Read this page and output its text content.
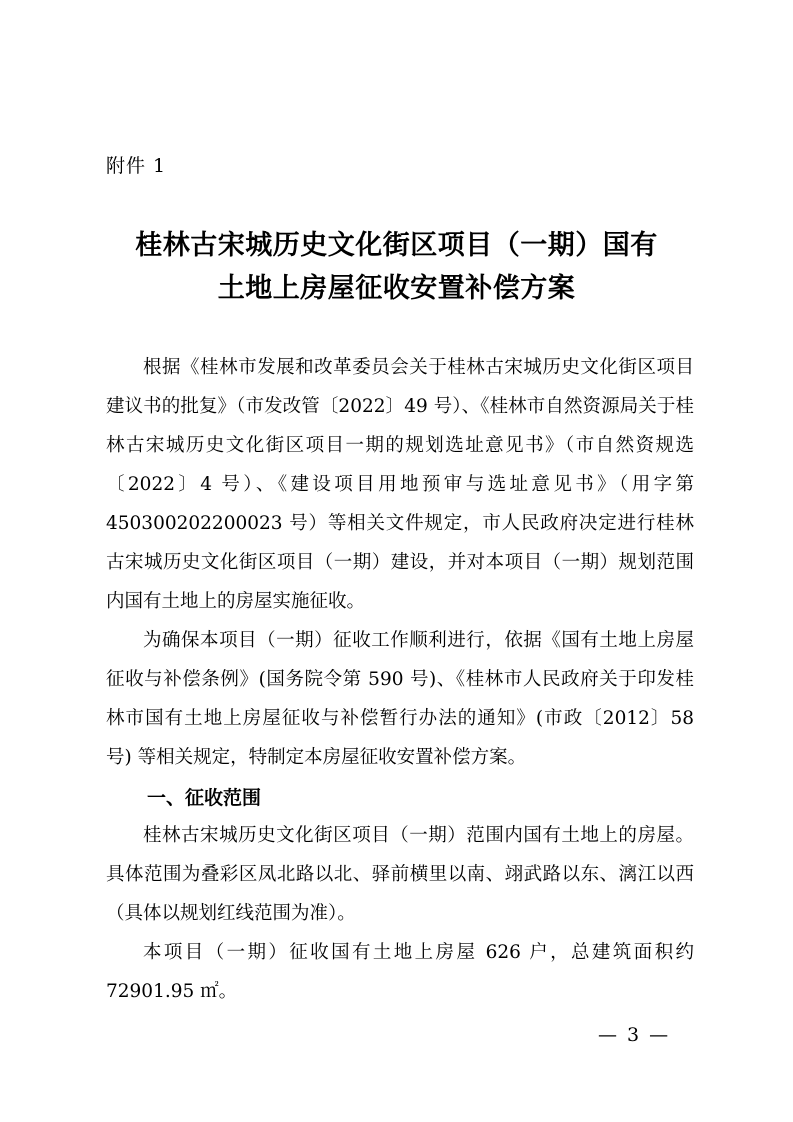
附件 1
桂林古宋城历史文化街区项目（一期）国有
土地上房屋征收安置补偿方案

根据《桂林市发展和改革委员会关于桂林古宋城历史文化街区项目建议书的批复》（市发改管〔2022〕49 号）、《桂林市自然资源局关于桂林古宋城历史文化街区项目一期的规划选址意见书》（市自然资规选〔2022〕4 号）、《建设项目用地预审与选址意见书》（用字第 450300202200023 号）等相关文件规定，市人民政府决定进行桂林古宋城历史文化街区项目（一期）建设，并对本项目（一期）规划范围内国有土地上的房屋实施征收。

为确保本项目（一期）征收工作顺利进行，依据《国有土地上房屋征收与补偿条例》(国务院令第 590 号)、《桂林市人民政府关于印发桂林市国有土地上房屋征收与补偿暂行办法的通知》(市政〔2012〕58 号) 等相关规定，特制定本房屋征收安置补偿方案。

一、征收范围

桂林古宋城历史文化街区项目（一期）范围内国有土地上的房屋。具体范围为叠彩区凤北路以北、驿前横里以南、翊武路以东、漓江以西（具体以规划红线范围为准）。

本项目（一期）征收国有土地上房屋 626 户，总建筑面积约 72901.95 ㎡。

— 3 —
